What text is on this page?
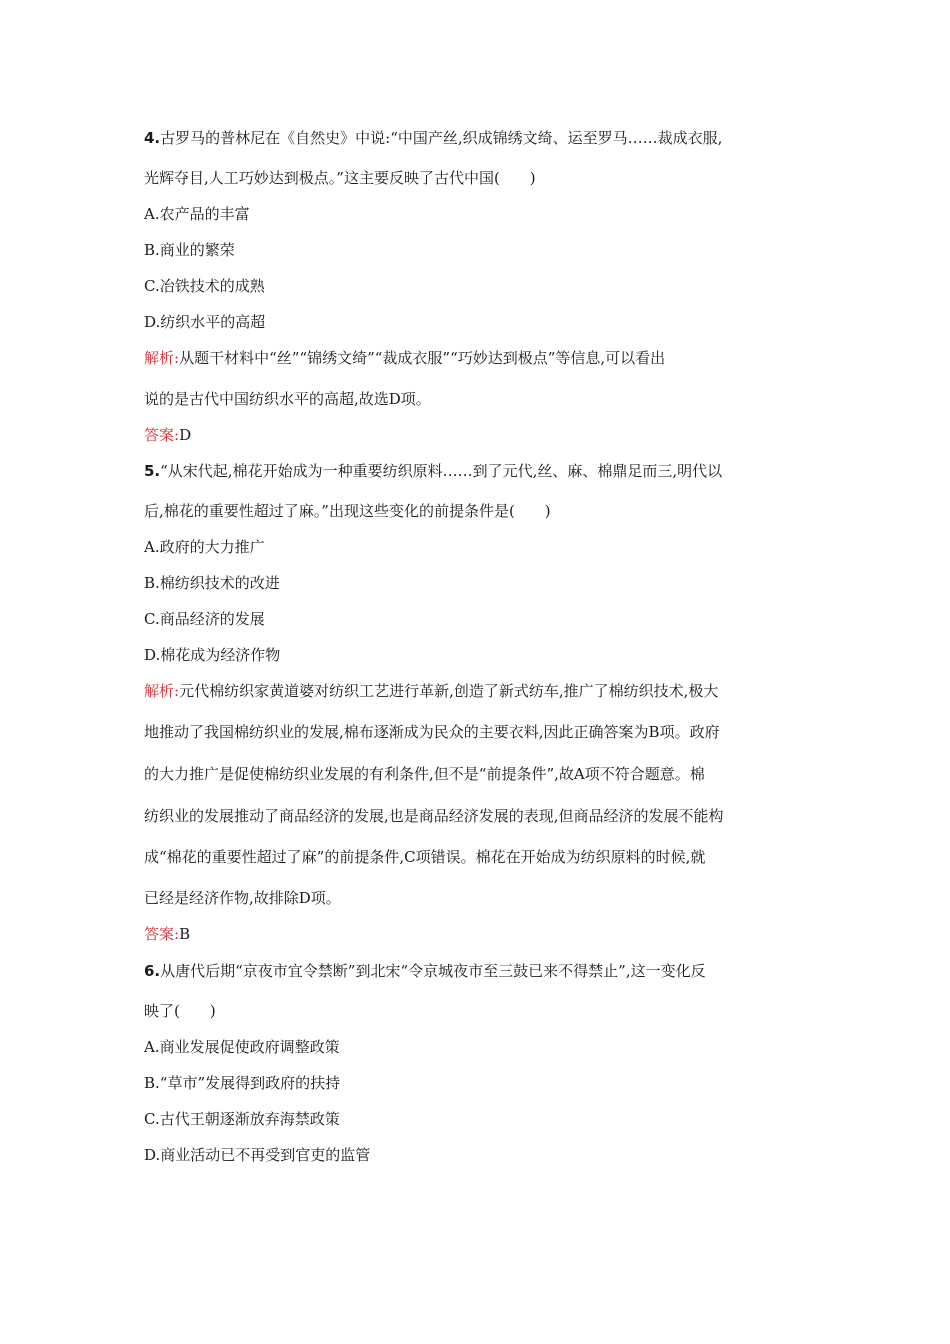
4.古罗马的普林尼在《自然史》中说:“中国产丝,织成锦绣文绮、运至罗马……裁成衣服,
光辉夺目,人工巧妙达到极点。”这主要反映了古代中国(　　)
A.农产品的丰富
B.商业的繁荣
C.冶铁技术的成熟
D.纺织水平的高超
解析:从题干材料中“丝”“锦绣文绮”“裁成衣服”“巧妙达到极点”等信息,可以看出
说的是古代中国纺织水平的高超,故选D项。
答案:D
5.“从宋代起,棉花开始成为一种重要纺织原料……到了元代,丝、麻、棉鼎足而三,明代以
后,棉花的重要性超过了麻。”出现这些变化的前提条件是(　　)
A.政府的大力推广
B.棉纺织技术的改进
C.商品经济的发展
D.棉花成为经济作物
解析:元代棉纺织家黄道婆对纺织工艺进行革新,创造了新式纺车,推广了棉纺织技术,极大
地推动了我国棉纺织业的发展,棉布逐渐成为民众的主要衣料,因此正确答案为B项。政府
的大力推广是促使棉纺织业发展的有利条件,但不是“前提条件”,故A项不符合题意。棉
纺织业的发展推动了商品经济的发展,也是商品经济发展的表现,但商品经济的发展不能构
成“棉花的重要性超过了麻”的前提条件,C项错误。棉花在开始成为纺织原料的时候,就
已经是经济作物,故排除D项。
答案:B
6.从唐代后期“京夜市宜令禁断”到北宋“令京城夜市至三鼓已来不得禁止”,这一变化反
映了(　　)
A.商业发展促使政府调整政策
B.“草市”发展得到政府的扶持
C.古代王朝逐渐放弃海禁政策
D.商业活动已不再受到官吏的监管
